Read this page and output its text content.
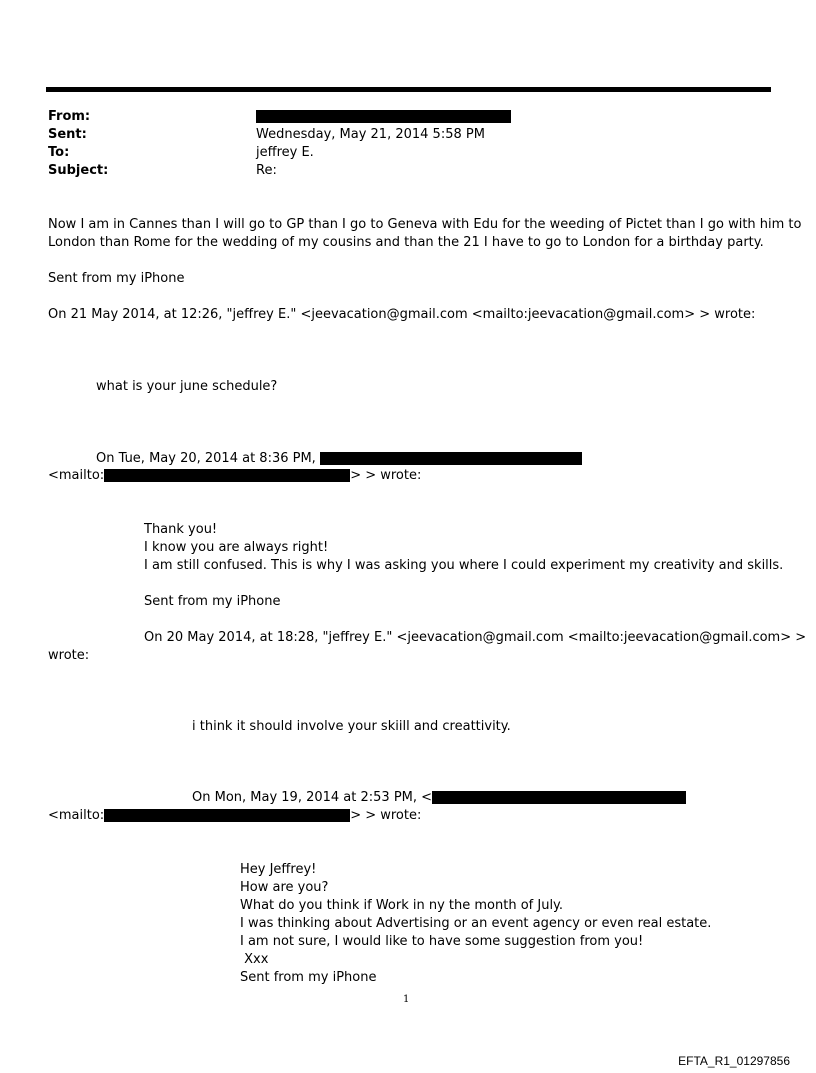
From:
Sent:	Wednesday, May 21, 2014 5:58 PM
To:	jeffrey E.
Subject:	Re:
Now I am in Cannes than I will go to GP than I go to Geneva with Edu for the weeding of Pictet than I go with him to
London than Rome for the wedding of my cousins and than the 21 I have to go to London for a birthday party.
Sent from my iPhone
On 21 May 2014, at 12:26, "jeffrey E." <jeevacation@gmail.com <mailto:jeevacation@gmail.com> > wrote:
what is your june schedule?
On Tue, May 20, 2014 at 8:36 PM,
<mailto:	> > wrote:
Thank you!
I know you are always right!
I am still confused. This is why I was asking you where I could experiment my creativity and skills.
Sent from my iPhone
On 20 May 2014, at 18:28, "jeffrey E." <jeevacation@gmail.com <mailto:jeevacation@gmail.com> >
wrote:
i think it should involve your skiill and creattivity.
On Mon, May 19, 2014 at 2:53 PM, <
<mailto:	> > wrote:
Hey Jeffrey!
How are you?
What do you think if Work in ny the month of July.
I was thinking about Advertising or an event agency or even real estate.
I am not sure, I would like to have some suggestion from you!
Xxx
Sent from my iPhone
1
EFTA_R1_01297856
